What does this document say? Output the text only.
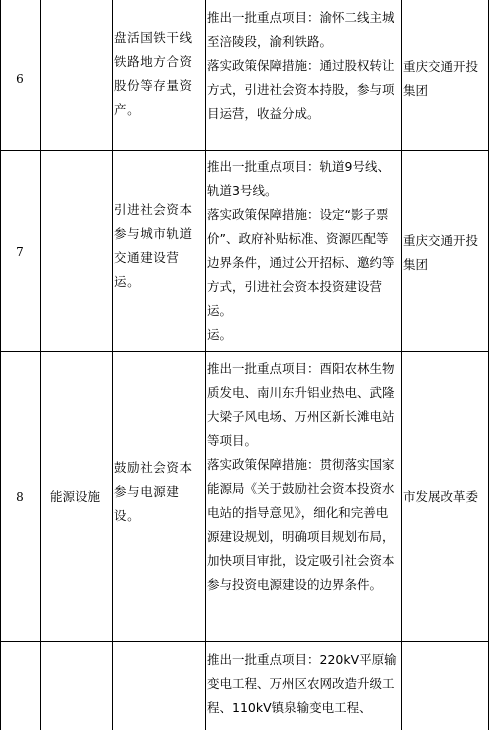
6
盘活国铁干线
铁路地方合资
股份等存量资
产。

推出一批重点项目：渝怀二线主城

至涪陵段，渝利铁路。

落实政策保障措施：通过股权转让

方式，引进社会资本持股，参与项

目运营，收益分成。

重庆交通开投
集团
7
引进社会资本
参与城市轨道
交通建设营
运。

推出一批重点项目：轨道9号线、

轨道3号线。

落实政策保障措施：设定“影子票

价”、政府补贴标准、资源匹配等

边界条件，通过公开招标、邀约等

方式，引进社会资本投资建设营运。

运。

重庆交通开投
集团
8	能源设施
鼓励社会资本
参与电源建
设。

推出一批重点项目：酉阳农林生物

质发电、南川东升铝业热电、武隆

大梁子风电场、万州区新长滩电站

等项目。

落实政策保障措施：贯彻落实国家

能源局《关于鼓励社会资本投资水

电站的指导意见》，细化和完善电

源建设规划，明确项目规划布局，

加快项目审批，设定吸引社会资本

参与投资电源建设的边界条件。

市发展改革委

推出一批重点项目：220kV平原输

变电工程、万州区农网改造升级工

程、110kV镇泉输变电工程、
